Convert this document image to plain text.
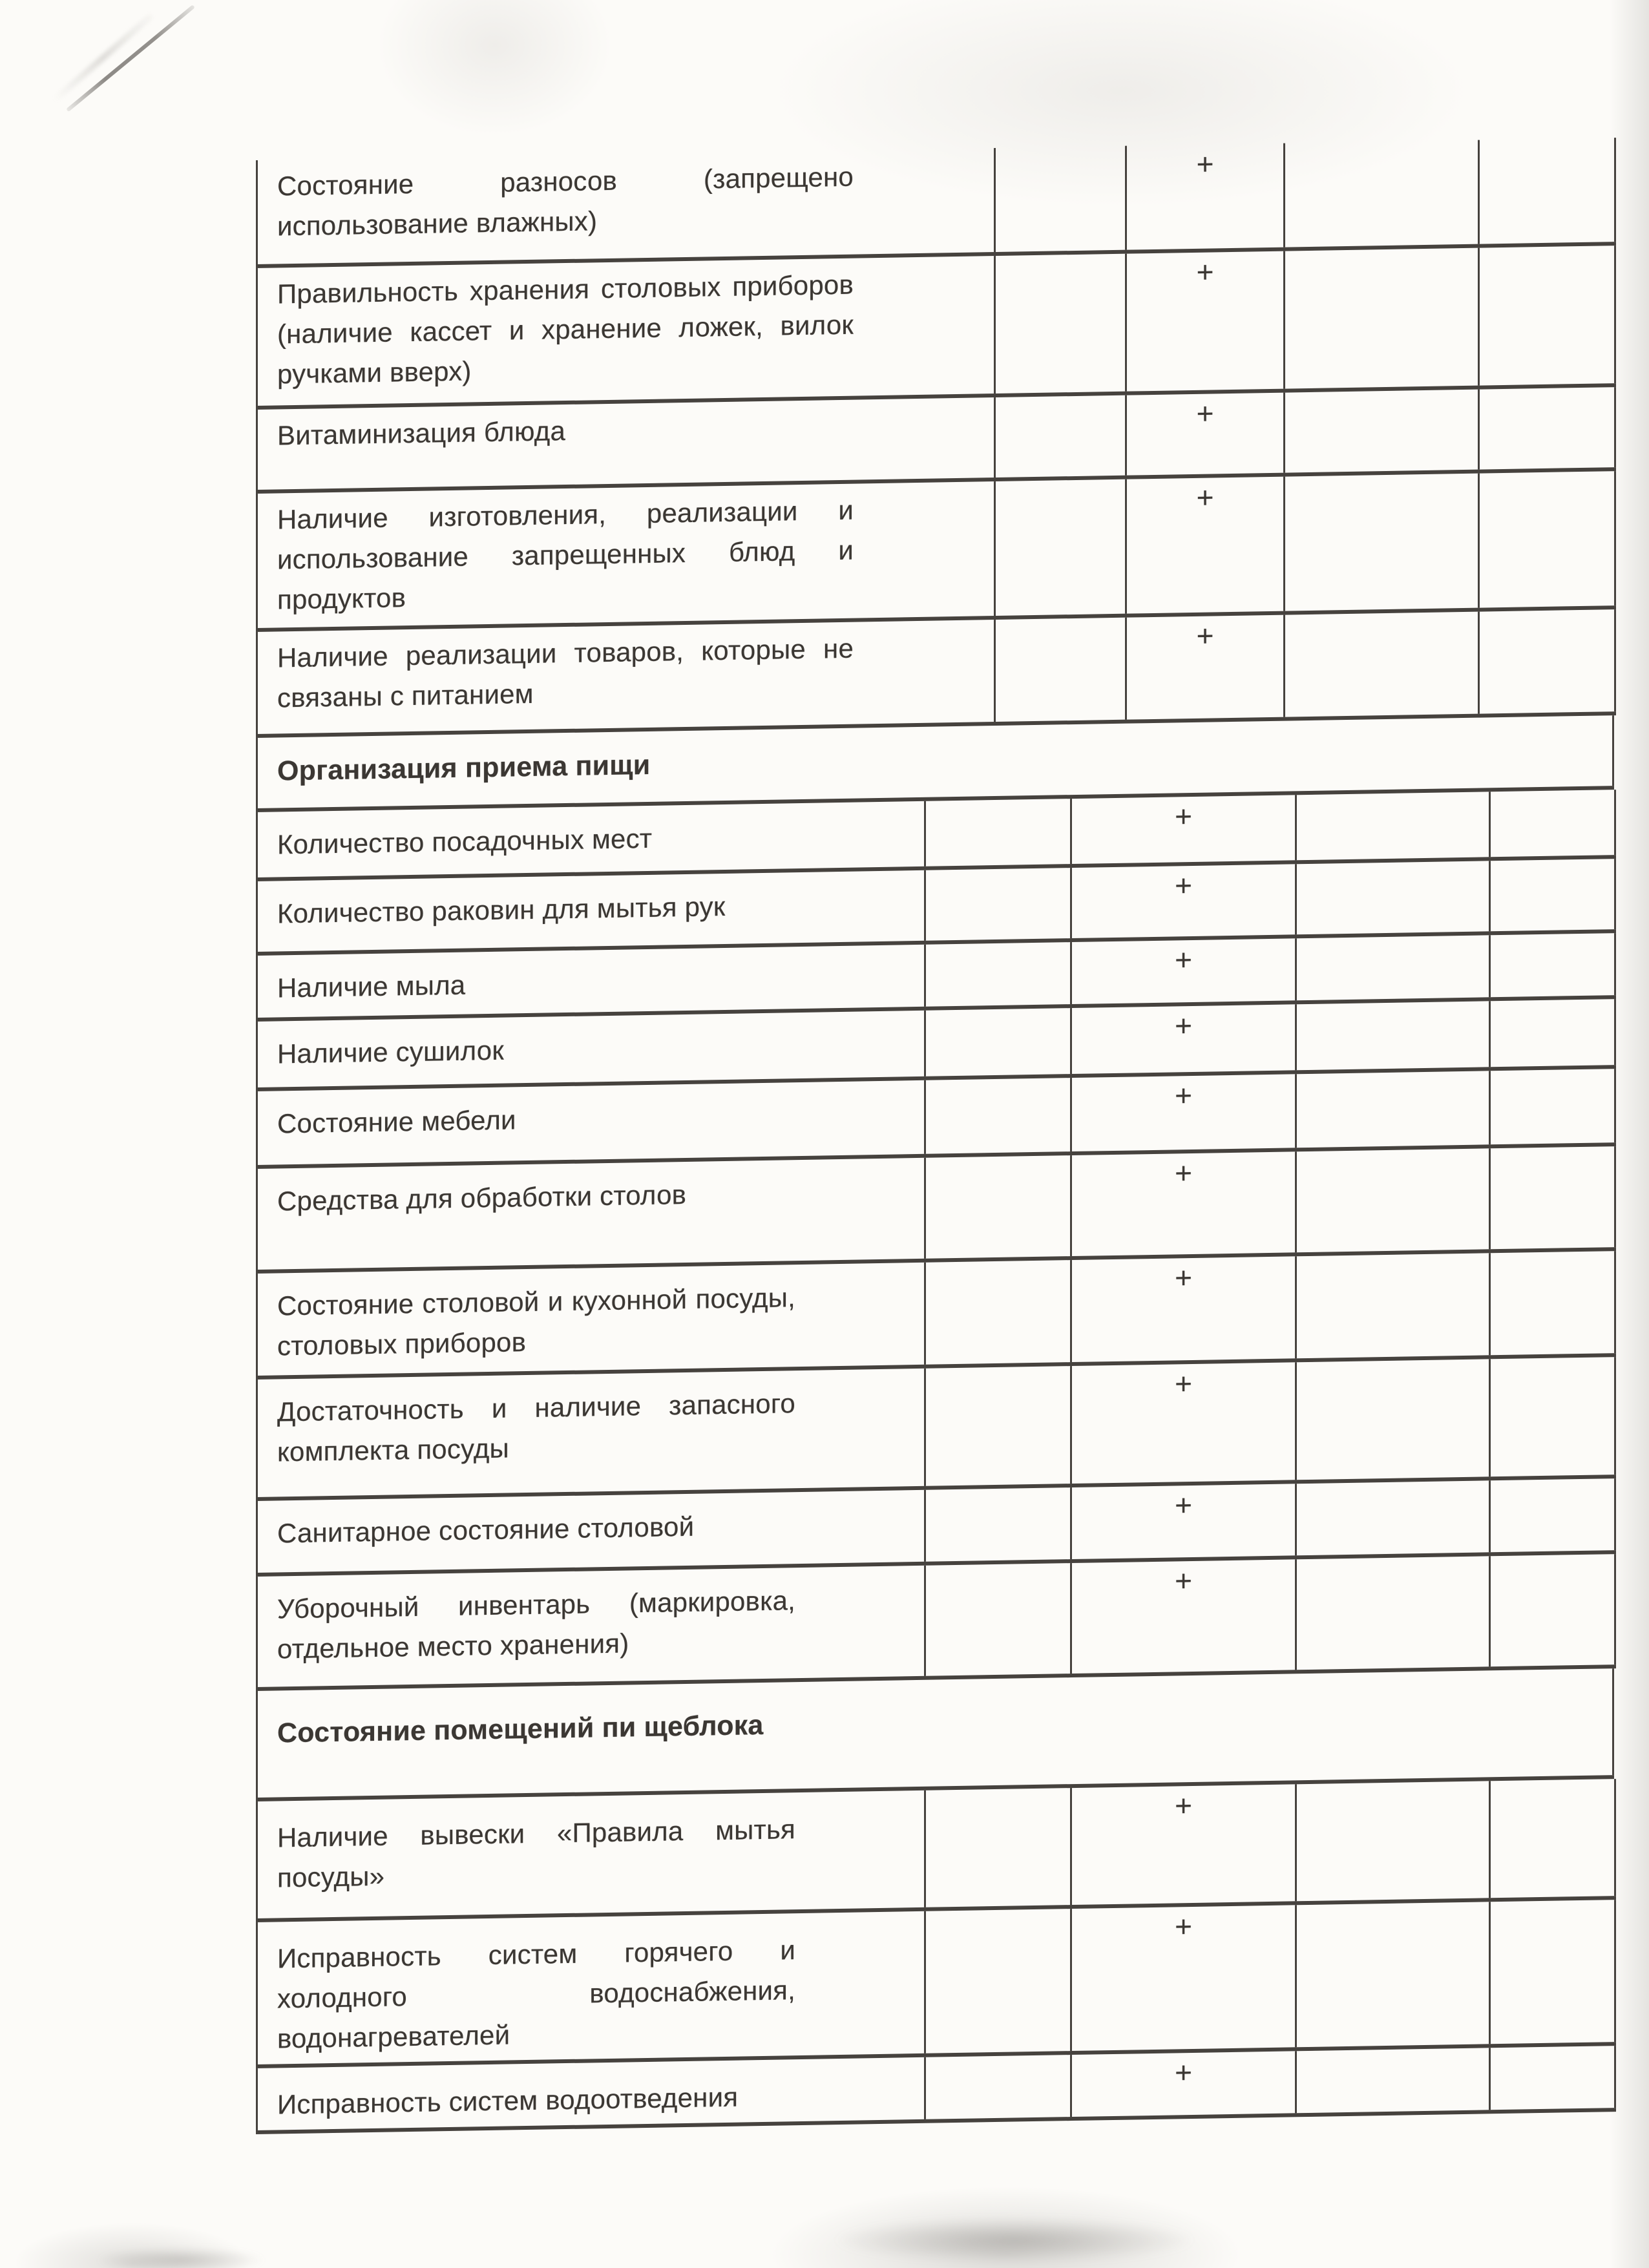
Состояние разносов (запрещено использование влажных)		+		
Правильность хранения столовых приборов (наличие кассет и хранение ложек, вилок ручками вверх)		+		
Витаминизация блюда		+		
Наличие изготовления, реализации и использование запрещенных блюд и продуктов		+		
Наличие реализации товаров, которые не связаны с питанием		+		
Организация приема пищи
Количество посадочных мест		+		
Количество раковин для мытья рук		+		
Наличие мыла		+		
Наличие сушилок		+		
Состояние мебели		+		
Средства для обработки столов		+		
Состояние столовой и кухонной посуды, столовых приборов		+		
Достаточность и наличие запасного комплекта посуды		+		
Санитарное состояние столовой		+		
Уборочный инвентарь (маркировка, отдельное место хранения)		+		
Состояние помещений пи щеблока
Наличие вывески «Правила мытья посуды»		+		
Исправность систем горячего и холодного водоснабжения, водонагревателей		+		
Исправность систем водоотведения		+		
